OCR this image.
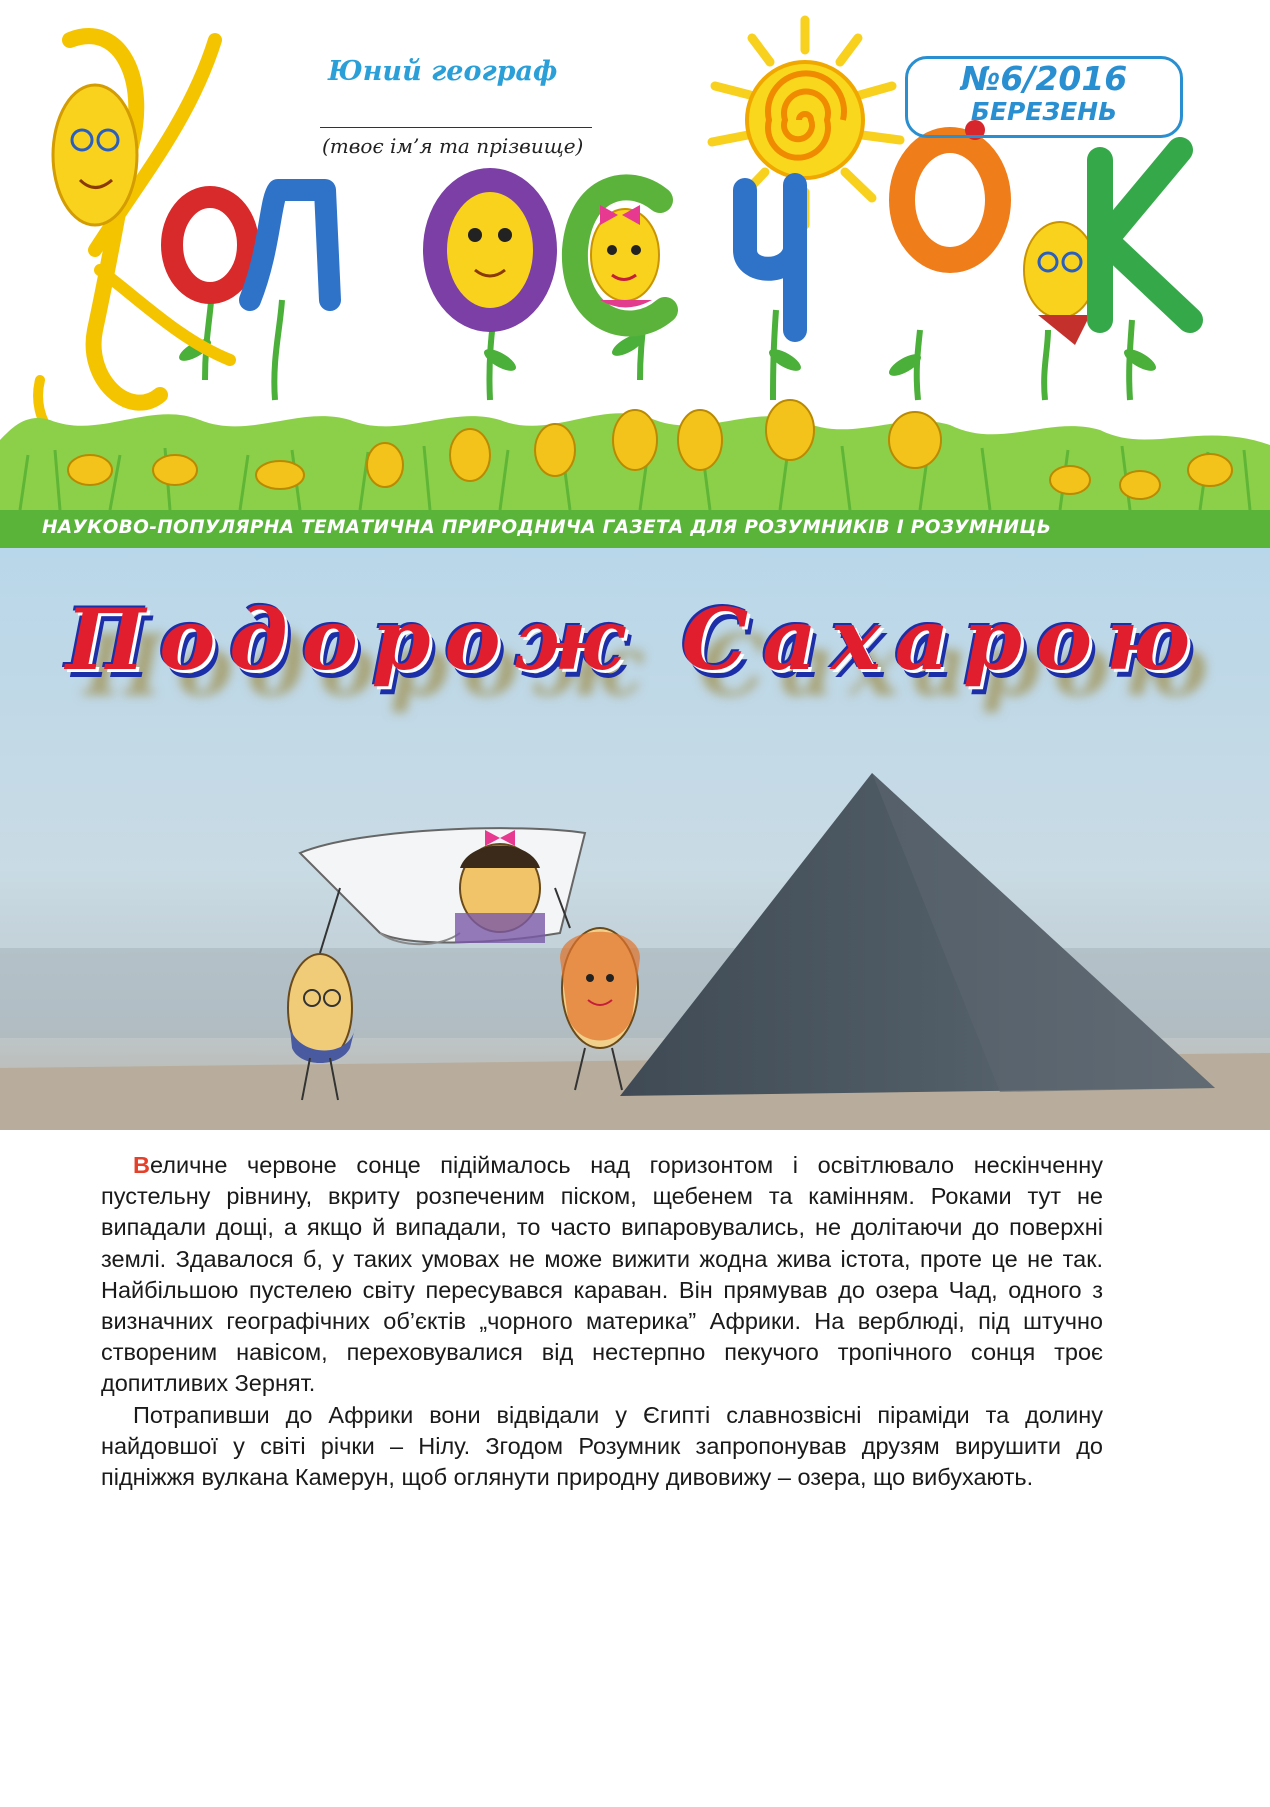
Юний географ
(твоє ім’я та прізвище)
№6/2016
БЕРЕЗЕНЬ
НАУКОВО-ПОПУЛЯРНА ТЕМАТИЧНА ПРИРОДНИЧА ГАЗЕТА ДЛЯ РОЗУМНИКІВ І РОЗУМНИЦЬ
Подорож Сахарою

Величне червоне сонце підіймалось над горизонтом і освітлювало нескінченну пустельну рівнину, вкриту розпеченим піском, щебенем та камінням. Роками тут не випадали дощі, а якщо й випадали, то часто випаровувались, не долітаючи до поверхні землі. Здавалося б, у таких умовах не може вижити жодна жива істота, проте це не так. Найбільшою пустелею світу пересувався караван. Він прямував до озера Чад, одного з визначних географічних об’єктів „чорного материка” Африки. На верблюді, під штучно створеним навісом, переховувалися від нестерпно пекучого тропічного сонця троє допитливих Зернят.

Потрапивши до Африки вони відвідали у Єгипті славнозвісні піраміди та долину найдовшої у світі річки – Нілу. Згодом Розумник запропонував друзям вирушити до підніжжя вулкана Камерун, щоб оглянути природну дивовижу – озера, що вибухають.
